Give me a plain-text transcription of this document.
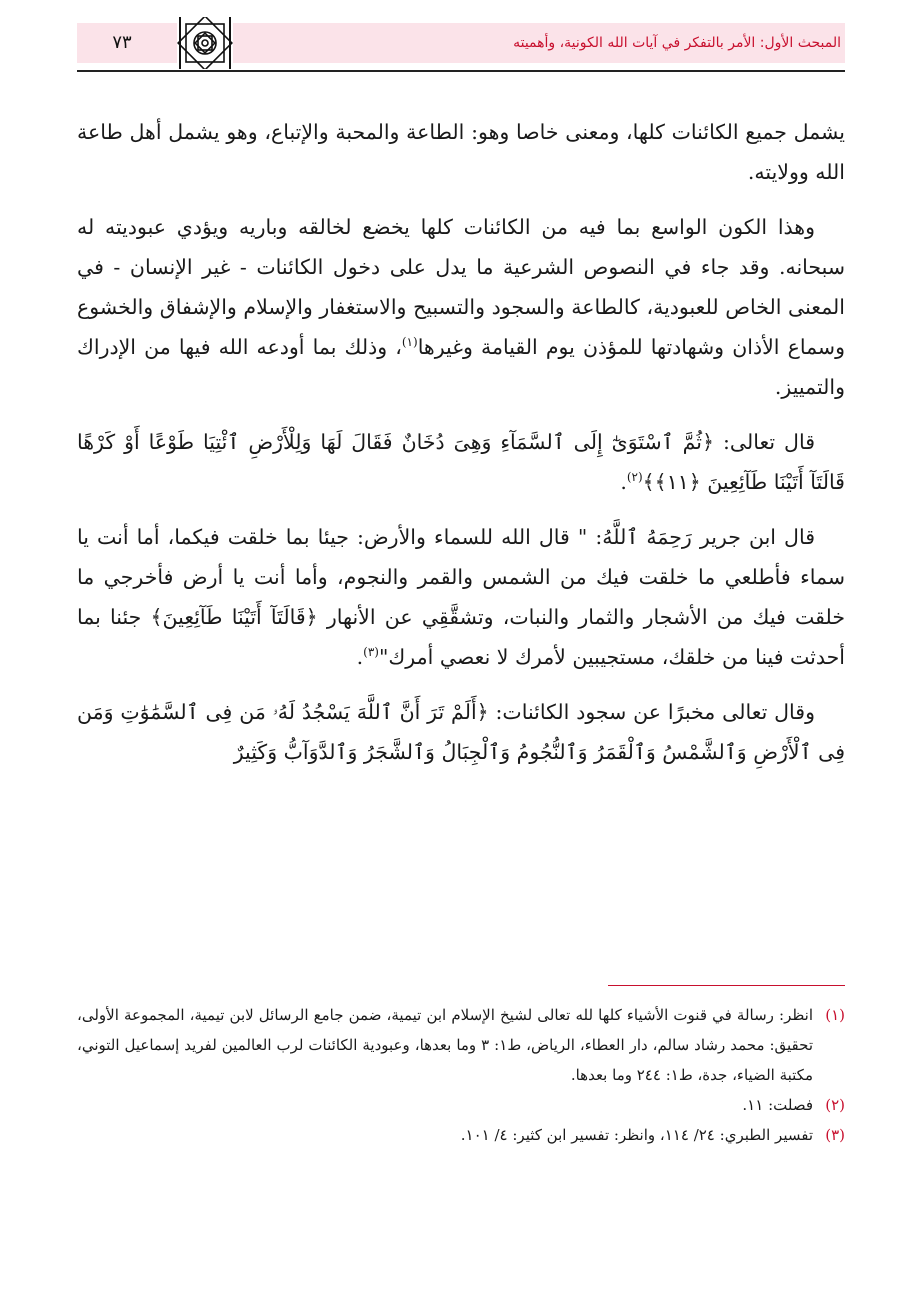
المبحث الأول: الأمر بالتفكر في آيات الله الكونية، وأهميته
٧٣

يشمل جميع الكائنات كلها، ومعنى خاصا وهو: الطاعة والمحبة والإتباع، وهو يشمل أهل طاعة الله وولايته.

وهذا الكون الواسع بما فيه من الكائنات كلها يخضع لخالقه وباريه ويؤدي عبوديته له سبحانه. وقد جاء في النصوص الشرعية ما يدل على دخول الكائنات - غير الإنسان - في المعنى الخاص للعبودية، كالطاعة والسجود والتسبيح والاستغفار والإسلام والإشفاق والخشوع وسماع الأذان وشهادتها للمؤذن يوم القيامة وغيرها$^{(١)}$، وذلك بما أودعه الله فيها من الإدراك والتمييز.

قال تعالى: ﴿ثُمَّ ٱسْتَوَىٰٓ إِلَى ٱلسَّمَآءِ وَهِىَ دُخَانٌ فَقَالَ لَهَا وَلِلْأَرْضِ ٱئْتِيَا طَوْعًا أَوْ كَرْهًا قَالَتَآ أَتَيْنَا طَآئِعِينَ ﴿١١﴾﴾$^{(٢)}$.

قال ابن جرير رَحِمَهُ ٱللَّهُ: " قال الله للسماء والأرض: جيئا بما خلقت فيكما، أما أنت يا سماء فأطلعي ما خلقت فيك من الشمس والقمر والنجوم، وأما أنت يا أرض فأخرجي ما خلقت فيك من الأشجار والثمار والنبات، وتشقَّقِي عن الأنهار ﴿قَالَتَآ أَتَيْنَا طَآئِعِينَ﴾ جئنا بما أحدثت فينا من خلقك، مستجيبين لأمرك لا نعصي أمرك"$^{(٣)}$.

وقال تعالى مخبرًا عن سجود الكائنات: ﴿أَلَمْ تَرَ أَنَّ ٱللَّهَ يَسْجُدُ لَهُۥ مَن فِى ٱلسَّمَٰوَٰتِ وَمَن فِى ٱلْأَرْضِ وَٱلشَّمْسُ وَٱلْقَمَرُ وَٱلنُّجُومُ وَٱلْجِبَالُ وَٱلشَّجَرُ وَٱلدَّوَآبُّ وَكَثِيرٌ

(١)
انظر: رسالة في قنوت الأشياء كلها لله تعالى لشيخ الإسلام ابن تيمية، ضمن جامع الرسائل لابن تيمية، المجموعة الأولى، تحقيق: محمد رشاد سالم، دار العطاء، الرياض، ط١: ٣ وما بعدها، وعبودية الكائنات لرب العالمين لفريد إسماعيل التوني، مكتبة الضياء، جدة، ط١: ٢٤٤ وما بعدها.

(٢)
فصلت: ١١.

(٣)
تفسير الطبري: ٢٤/ ١١٤، وانظر: تفسير ابن كثير: ٤/ ١٠١.
